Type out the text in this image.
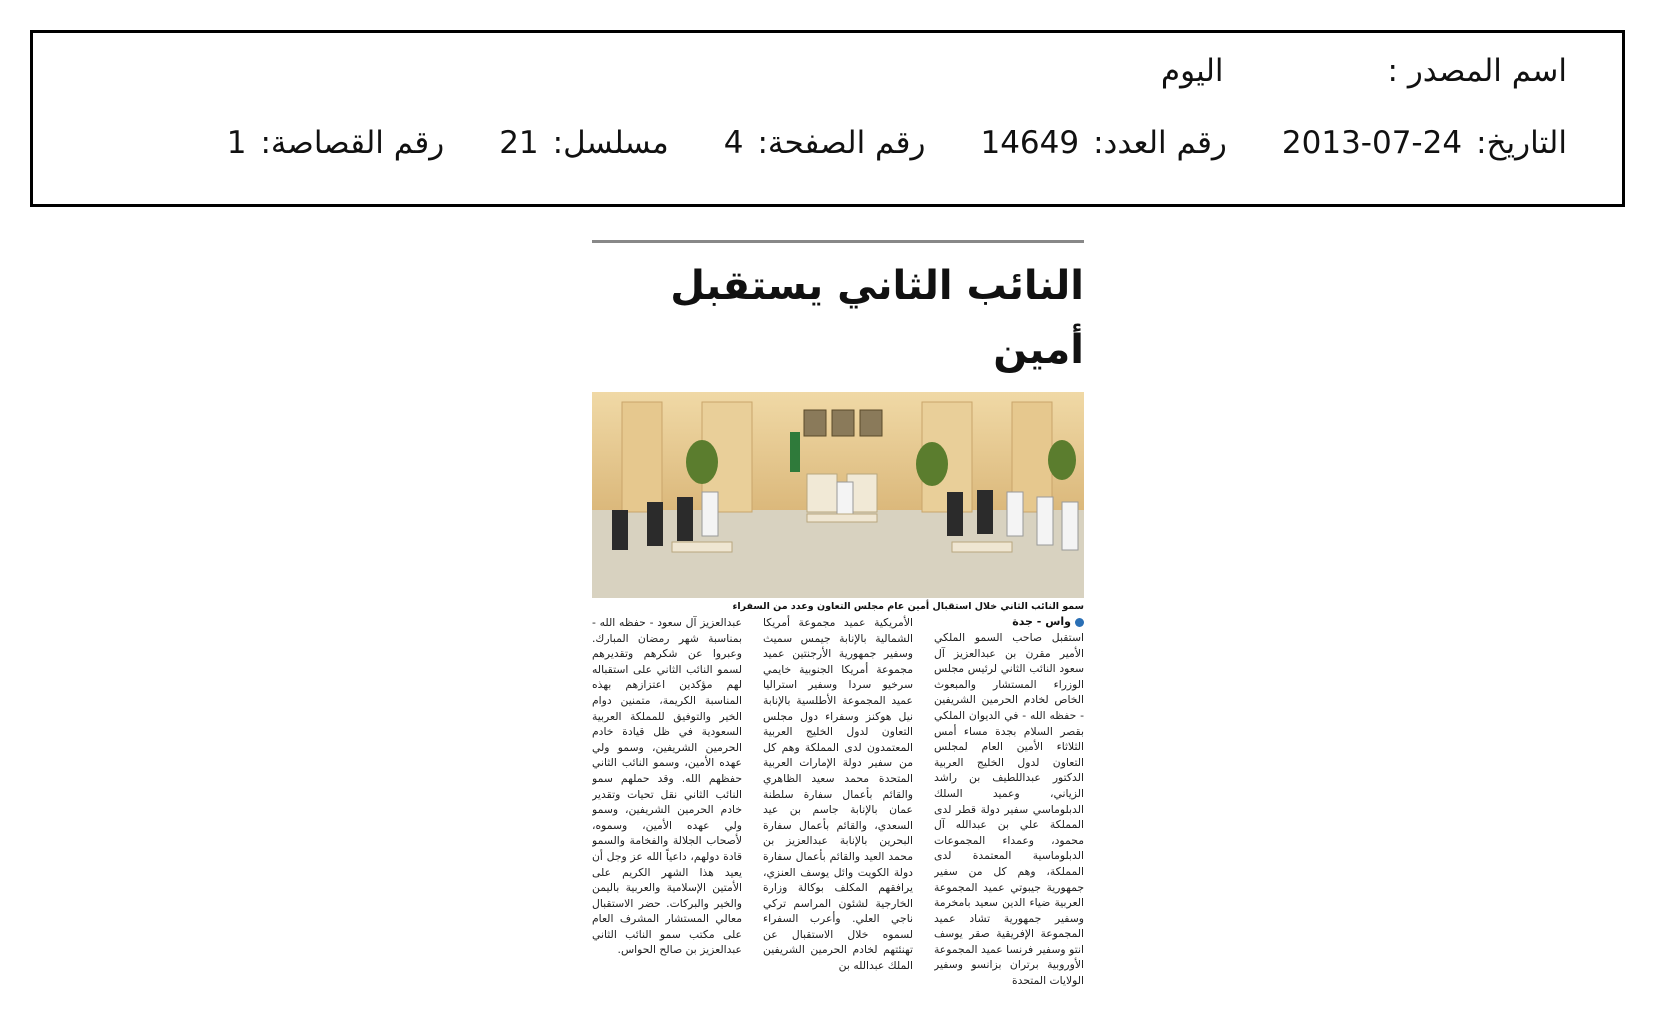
اسم المصدر :
اليوم
التاريخ:
2013-07-24
رقم العدد:
14649
رقم الصفحة:
4
مسلسل:
21
رقم القصاصة:
1
النائب الثاني يستقبل أمين
سمو النائب الثاني خلال استقبال أمين عام مجلس التعاون وعدد من السفراء
واس - جدة
استقبل صاحب السمو الملكي الأمير مقرن بن عبدالعزيز آل سعود النائب الثاني لرئيس مجلس الوزراء المستشار والمبعوث الخاص لخادم الحرمين الشريفين - حفظه الله - في الديوان الملكي بقصر السلام بجدة مساء أمس الثلاثاء الأمين العام لمجلس التعاون لدول الخليج العربية الدكتور عبداللطيف بن راشد الزياني، وعميد السلك الدبلوماسي سفير دولة قطر لدى المملكة علي بن عبدالله آل محمود، وعمداء المجموعات الدبلوماسية المعتمدة لدى المملكة، وهم كل من سفير جمهورية جيبوتي عميد المجموعة العربية ضياء الدين سعيد بامخرمة وسفير جمهورية تشاد عميد المجموعة الإفريقية صقر يوسف انتو وسفير فرنسا عميد المجموعة الأوروبية برتران بزانسو وسفير الولايات المتحدة
الأمريكية عميد مجموعة أمريكا الشمالية بالإنابة جيمس سميث وسفير جمهورية الأرجنتين عميد مجموعة أمريكا الجنوبية خايمي سرخيو سردا وسفير استراليا عميد المجموعة الأطلسية بالإنابة نيل هوكنز وسفراء دول مجلس التعاون لدول الخليج العربية المعتمدون لدى المملكة وهم كل من سفير دولة الإمارات العربية المتحدة محمد سعيد الظاهري والقائم بأعمال سفارة سلطنة عمان بالإنابة جاسم بن عيد السعدي، والقائم بأعمال سفارة البحرين بالإنابة عبدالعزيز بن محمد العيد والقائم بأعمال سفارة دولة الكويت وائل يوسف العنزي، يرافقهم المكلف بوكالة وزارة الخارجية لشئون المراسم تركي ناجي العلي. وأعرب السفراء لسموه خلال الاستقبال عن تهنئتهم لخادم الحرمين الشريفين الملك عبدالله بن
عبدالعزيز آل سعود - حفظه الله - بمناسبة شهر رمضان المبارك. وعبروا عن شكرهم وتقديرهم لسمو النائب الثاني على استقباله لهم مؤكدين اعتزازهم بهذه المناسبة الكريمة، متمنين دوام الخير والتوفيق للمملكة العربية السعودية في ظل قيادة خادم الحرمين الشريفين، وسمو ولي عهده الأمين، وسمو النائب الثاني حفظهم الله. وقد حملهم سمو النائب الثاني نقل تحيات وتقدير خادم الحرمين الشريفين، وسمو ولي عهده الأمين، وسموه، لأصحاب الجلالة والفخامة والسمو قادة دولهم، داعياً الله عز وجل أن يعيد هذا الشهر الكريم على الأمتين الإسلامية والعربية باليمن والخير والبركات. حضر الاستقبال معالي المستشار المشرف العام على مكتب سمو النائب الثاني عبدالعزيز بن صالح الحواس.
